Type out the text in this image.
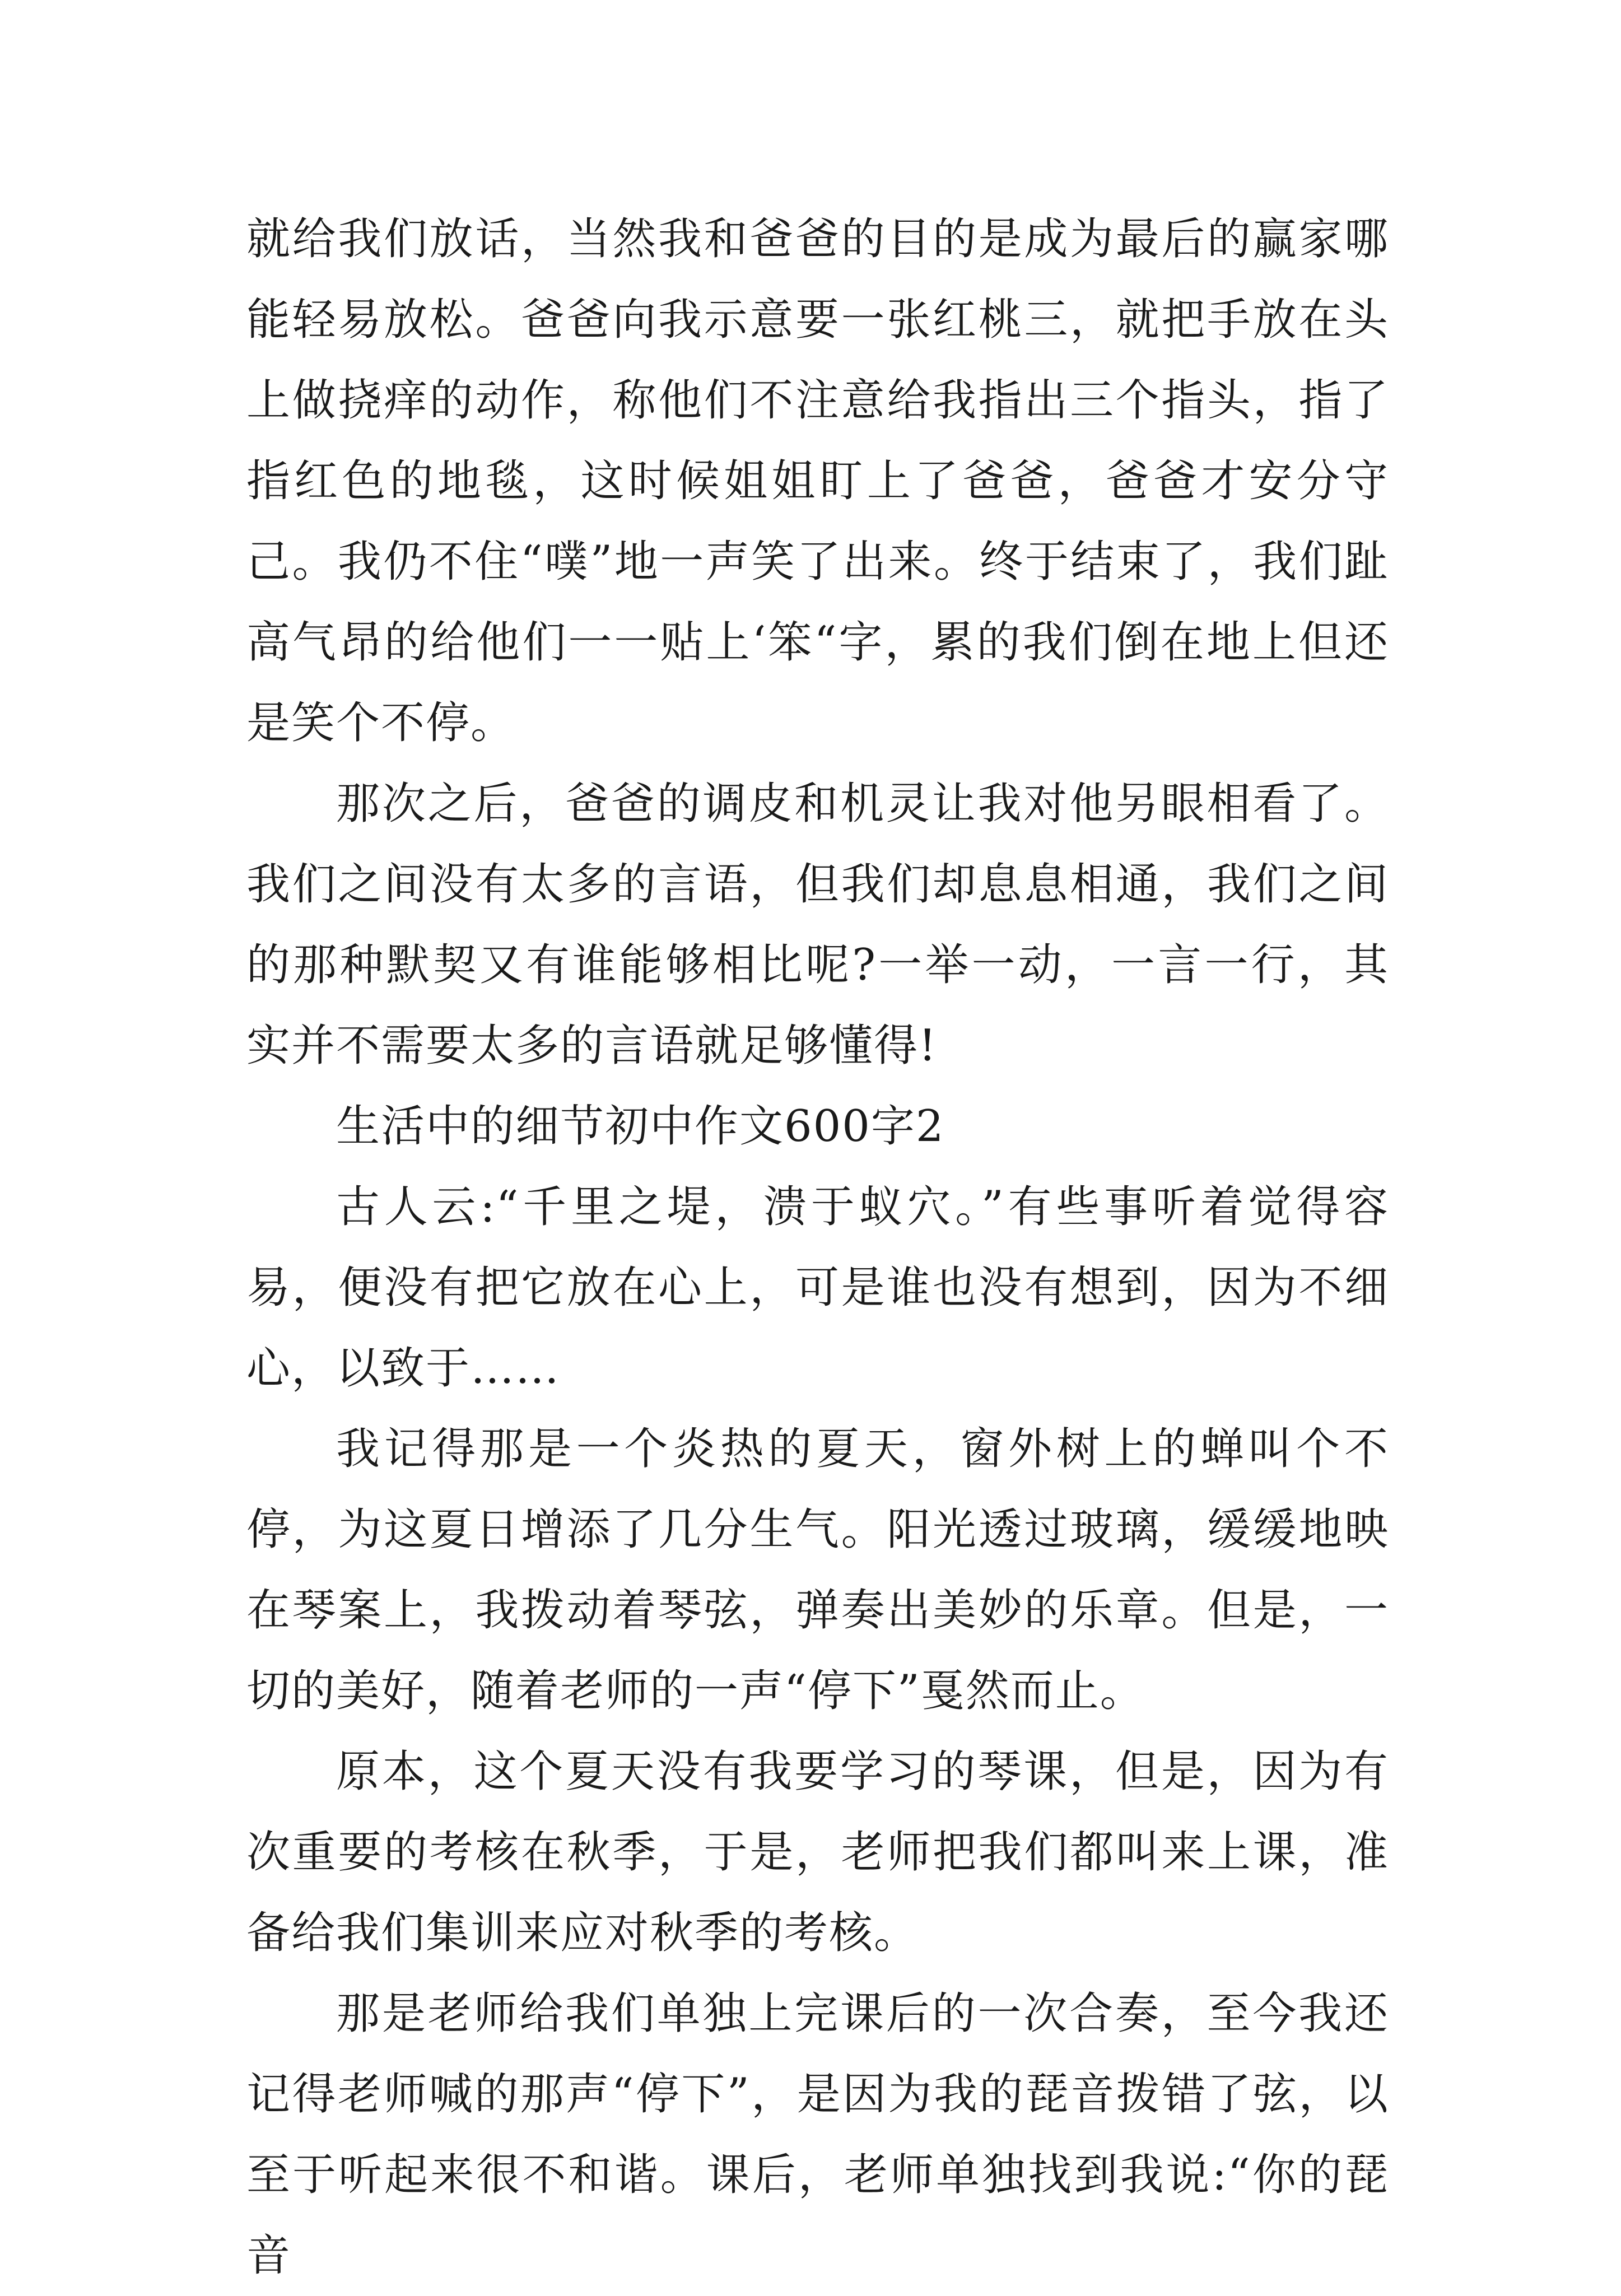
就给我们放话，当然我和爸爸的目的是成为最后的赢家哪能轻易放松。爸爸向我示意要一张红桃三，就把手放在头上做挠痒的动作，称他们不注意给我指出三个指头，指了指红色的地毯，这时候姐姐盯上了爸爸，爸爸才安分守己。我仍不住“噗”地一声笑了出来。终于结束了，我们趾高气昂的给他们一一贴上‘笨“字，累的我们倒在地上但还是笑个不停。

那次之后，爸爸的调皮和机灵让我对他另眼相看了。我们之间没有太多的言语，但我们却息息相通，我们之间的那种默契又有谁能够相比呢?一举一动，一言一行，其实并不需要太多的言语就足够懂得!

生活中的细节初中作文600字2

古人云:“千里之堤，溃于蚁穴。”有些事听着觉得容易，便没有把它放在心上，可是谁也没有想到，因为不细心，以致于……

我记得那是一个炎热的夏天，窗外树上的蝉叫个不停，为这夏日增添了几分生气。阳光透过玻璃，缓缓地映在琴案上，我拨动着琴弦，弹奏出美妙的乐章。但是，一切的美好，随着老师的一声“停下”戛然而止。

原本，这个夏天没有我要学习的琴课，但是，因为有次重要的考核在秋季，于是，老师把我们都叫来上课，准备给我们集训来应对秋季的考核。

那是老师给我们单独上完课后的一次合奏，至今我还记得老师喊的那声“停下”，是因为我的琵音拨错了弦，以至于听起来很不和谐。课后，老师单独找到我说:“你的琵音
